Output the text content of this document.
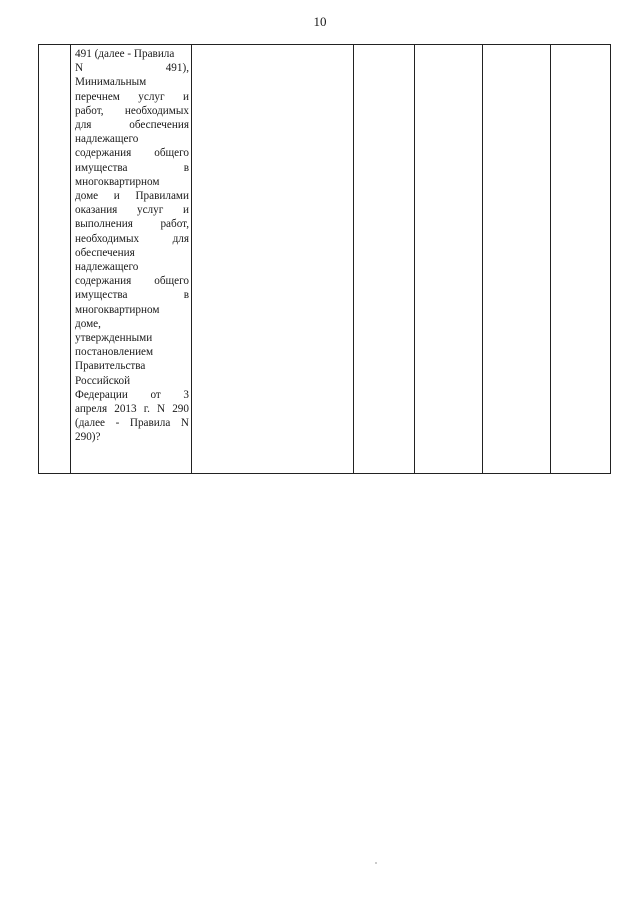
10

491 (далее - Правила
N 491),
Минимальным
перечнем услуг и
работ, необходимых
для обеспечения
надлежащего
содержания общего
имущества в
многоквартирном
доме и Правилами
оказания услуг и
выполнения работ,
необходимых для
обеспечения
надлежащего
содержания общего
имущества в
многоквартирном
доме,
утвержденными
постановлением
Правительства
Российской
Федерации от 3
апреля 2013 г. N 290
(далее - Правила N
290)?
